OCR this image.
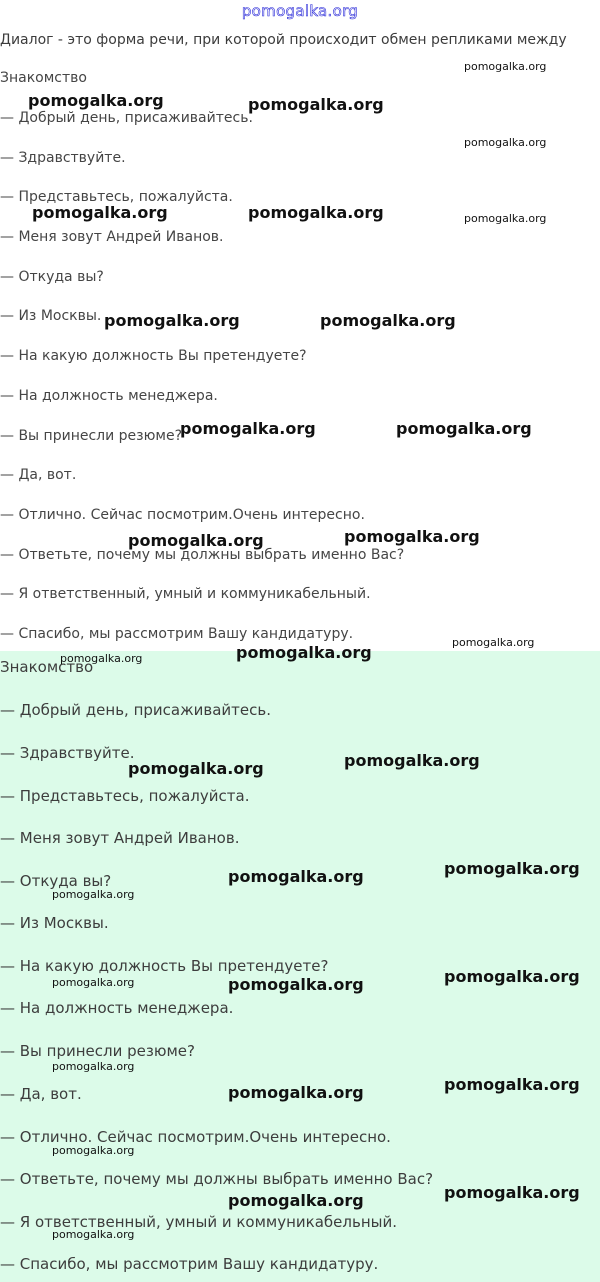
pomogalka.org
Диалог - это форма речи, при которой происходит обмен репликами между
Знакомство
— Добрый день, присаживайтесь.
— Здравствуйте.
— Представьтесь, пожалуйста.
— Меня зовут Андрей Иванов.
— Откуда вы?
— Из Москвы.
— На какую должность Вы претендуете?
— На должность менеджера.
— Вы принесли резюме?
— Да, вот.
— Отлично. Сейчас посмотрим.Очень интересно.
— Ответьте, почему мы должны выбрать именно Вас?
— Я ответственный, умный и коммуникабельный.
— Спасибо, мы рассмотрим Вашу кандидатуру.
Знакомство
— Добрый день, присаживайтесь.
— Здравствуйте.
— Представьтесь, пожалуйста.
— Меня зовут Андрей Иванов.
— Откуда вы?
— Из Москвы.
— На какую должность Вы претендуете?
— На должность менеджера.
— Вы принесли резюме?
— Да, вот.
— Отлично. Сейчас посмотрим.Очень интересно.
— Ответьте, почему мы должны выбрать именно Вас?
— Я ответственный, умный и коммуникабельный.
— Спасибо, мы рассмотрим Вашу кандидатуру.
pomogalka.org	pomogalka.org
pomogalka.org	pomogalka.org
pomogalka.org	pomogalka.org
pomogalka.org	pomogalka.org
pomogalka.org	pomogalka.org
pomogalka.org
pomogalka.org	pomogalka.org
pomogalka.org	pomogalka.org
pomogalka.org	pomogalka.org
pomogalka.org	pomogalka.org
pomogalka.org	pomogalka.org
pomogalka.org
pomogalka.org
pomogalka.org
pomogalka.org
pomogalka.org
pomogalka.org
pomogalka.org
pomogalka.org
pomogalka.org
pomogalka.org
